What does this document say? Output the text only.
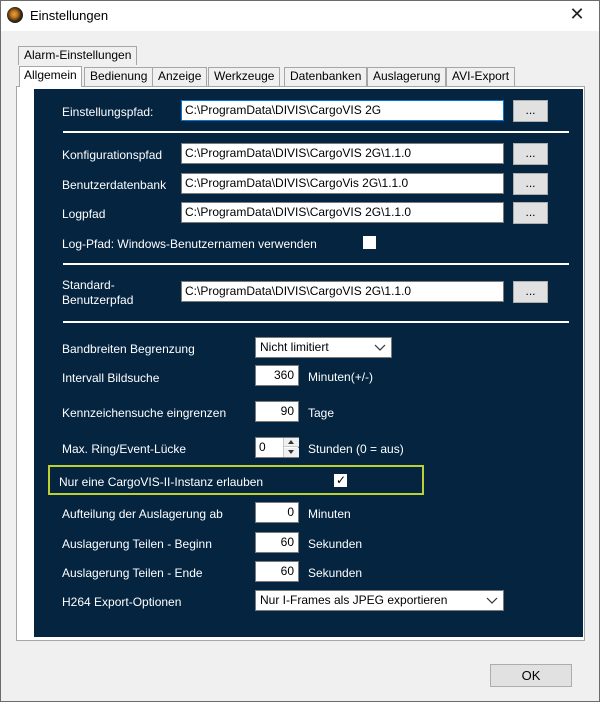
Einstellungen	✕
Alarm-Einstellungen
Allgemein	Bedienung Anzeige	Werkzeuge	Datenbanken Auslagerung AVI-Export
Einstellungspfad:	C:\ProgramData\DIVIS\CargoVIS 2G	...
Konfigurationspfad	C:\ProgramData\DIVIS\CargoVIS 2G\1.1.0	...
Benutzerdatenbank	C:\ProgramData\DIVIS\CargoVis 2G\1.1.0	...
Logpfad	C:\ProgramData\DIVIS\CargoVIS 2G\1.1.0	...
Log-Pfad: Windows-Benutzernamen verwenden
Standard-
Benutzerpfad
C:\ProgramData\DIVIS\CargoVIS 2G\1.1.0	...
Bandbreiten Begrenzung	Nicht limitiert
Intervall Bildsuche	360	Minuten(+/-)
Kennzeichensuche eingrenzen	90	Tage
Max. Ring/Event-Lücke	0	Stunden (0 = aus)
Nur eine CargoVIS-II-Instanz erlauben	✓
Aufteilung der Auslagerung ab	0	Minuten
Auslagerung Teilen - Beginn	60	Sekunden
Auslagerung Teilen - Ende	60	Sekunden
H264 Export-Optionen	Nur I-Frames als JPEG exportieren
OK
